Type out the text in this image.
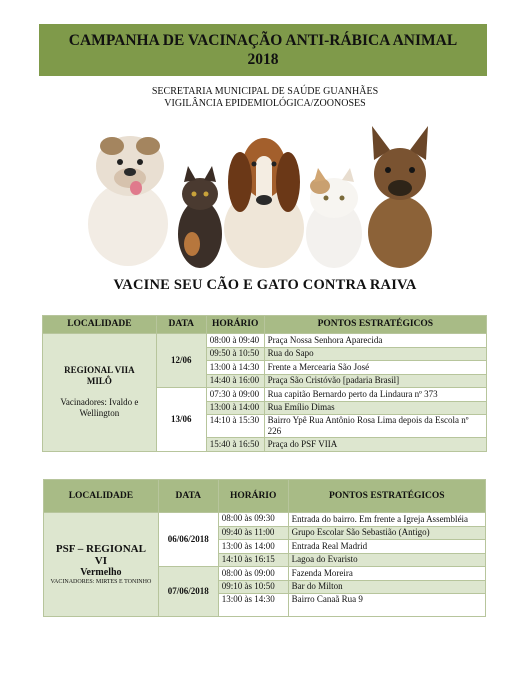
CAMPANHA DE VACINAÇÃO ANTI-RÁBICA ANIMAL
2018
SECRETARIA MUNICIPAL DE SAÚDE GUANHÃES
VIGILÂNCIA EPIDEMIOLÓGICA/ZOONOSES
VACINE SEU CÃO E GATO CONTRA RAIVA
LOCALIDADE	DATA	HORÁRIO	PONTOS ESTRATÉGICOS

REGIONAL VIIA MILÔ
Vacinadores: Ivaldo e Wellington	12/06	08:00 à 09:40	Praça Nossa Senhora Aparecida
		09:50 à 10:50	Rua do Sapo
		13:00 à 14:30	Frente a Mercearia São José
		14:40 à 16:00	Praça São Cristóvão [padaria Brasil]
	13/06	07:30 à 09:00	Rua capitão Bernardo perto da Lindaura nº 373
		13:00 à 14:00	Rua Emílio Dimas
		14:10 à 15:30	Bairro Ypê Rua Antônio Rosa Lima depois da Escola nº 226

		15:40 à 16:50	Praça do PSF VIIA
LOCALIDADE	DATA	HORÁRIO	PONTOS ESTRATÉGICOS

PSF – REGIONAL VI
Vermelho
VACINADORES: MIRTES E TONINHO	06/06/2018	08:00 às 09:30	Entrada do bairro. Em frente a Igreja Assembléia

		09:40 às 11:00	Grupo Escolar São Sebastião (Antigo)
		13:00 às 14:00	Entrada Real Madrid
		14:10 às 16:15	Lagoa do Evaristo
	07/06/2018	08:00 às 09:00	Fazenda Moreira
		09:10 às 10:50	Bar do Milton
		13:00 às 14:30	Bairro Canaã Rua 9
